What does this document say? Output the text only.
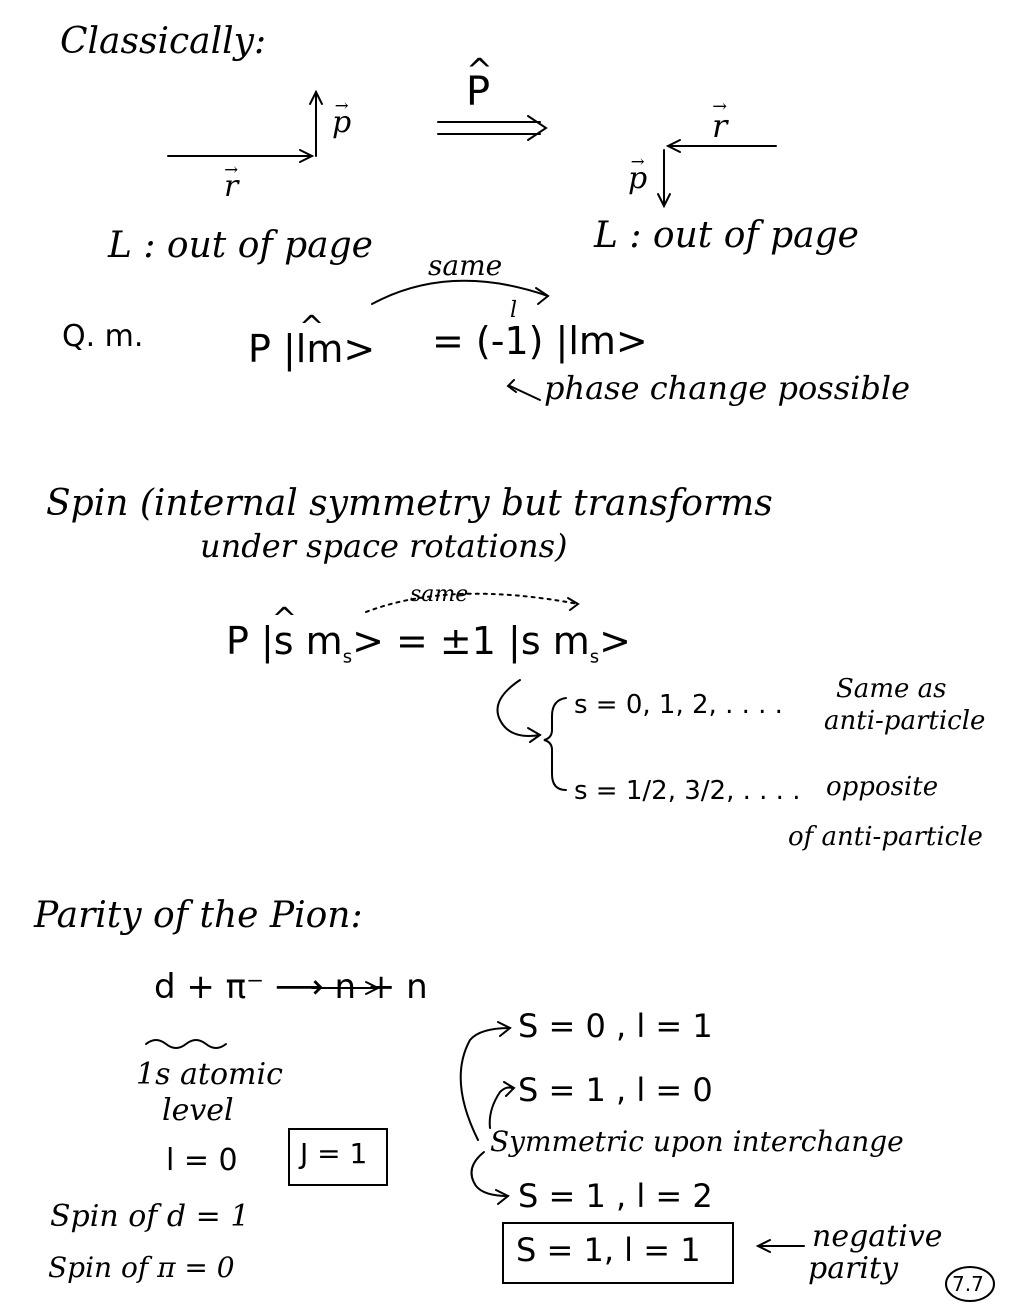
Classically:
→ p
→ r
^ P
→ r
→ p
L : out of page	L : out of page
same
Q. m.	^ P |lm> = (-1) |lm>
l
phase change possible
Spin (internal symmetry but transforms
under space rotations)
same
^ P |s $m_s> = \pm 1$ |s $m_s>$
s = 0, 1, 2, . . . .
Same as
anti-particle
s = 1/2, 3/2, . . . . opposite
of anti-particle
Parity of the Pion:
d + π⁻ ⟶ n + n
1s atomic
level
l = 0 J = 1
Spin of d = 1
Spin of π = 0
S = 0 , l = 1
S = 1 , l = 0
Symmetric upon interchange
S = 1 , l = 2
S = 1, l = 1	negative
parity	7.7
